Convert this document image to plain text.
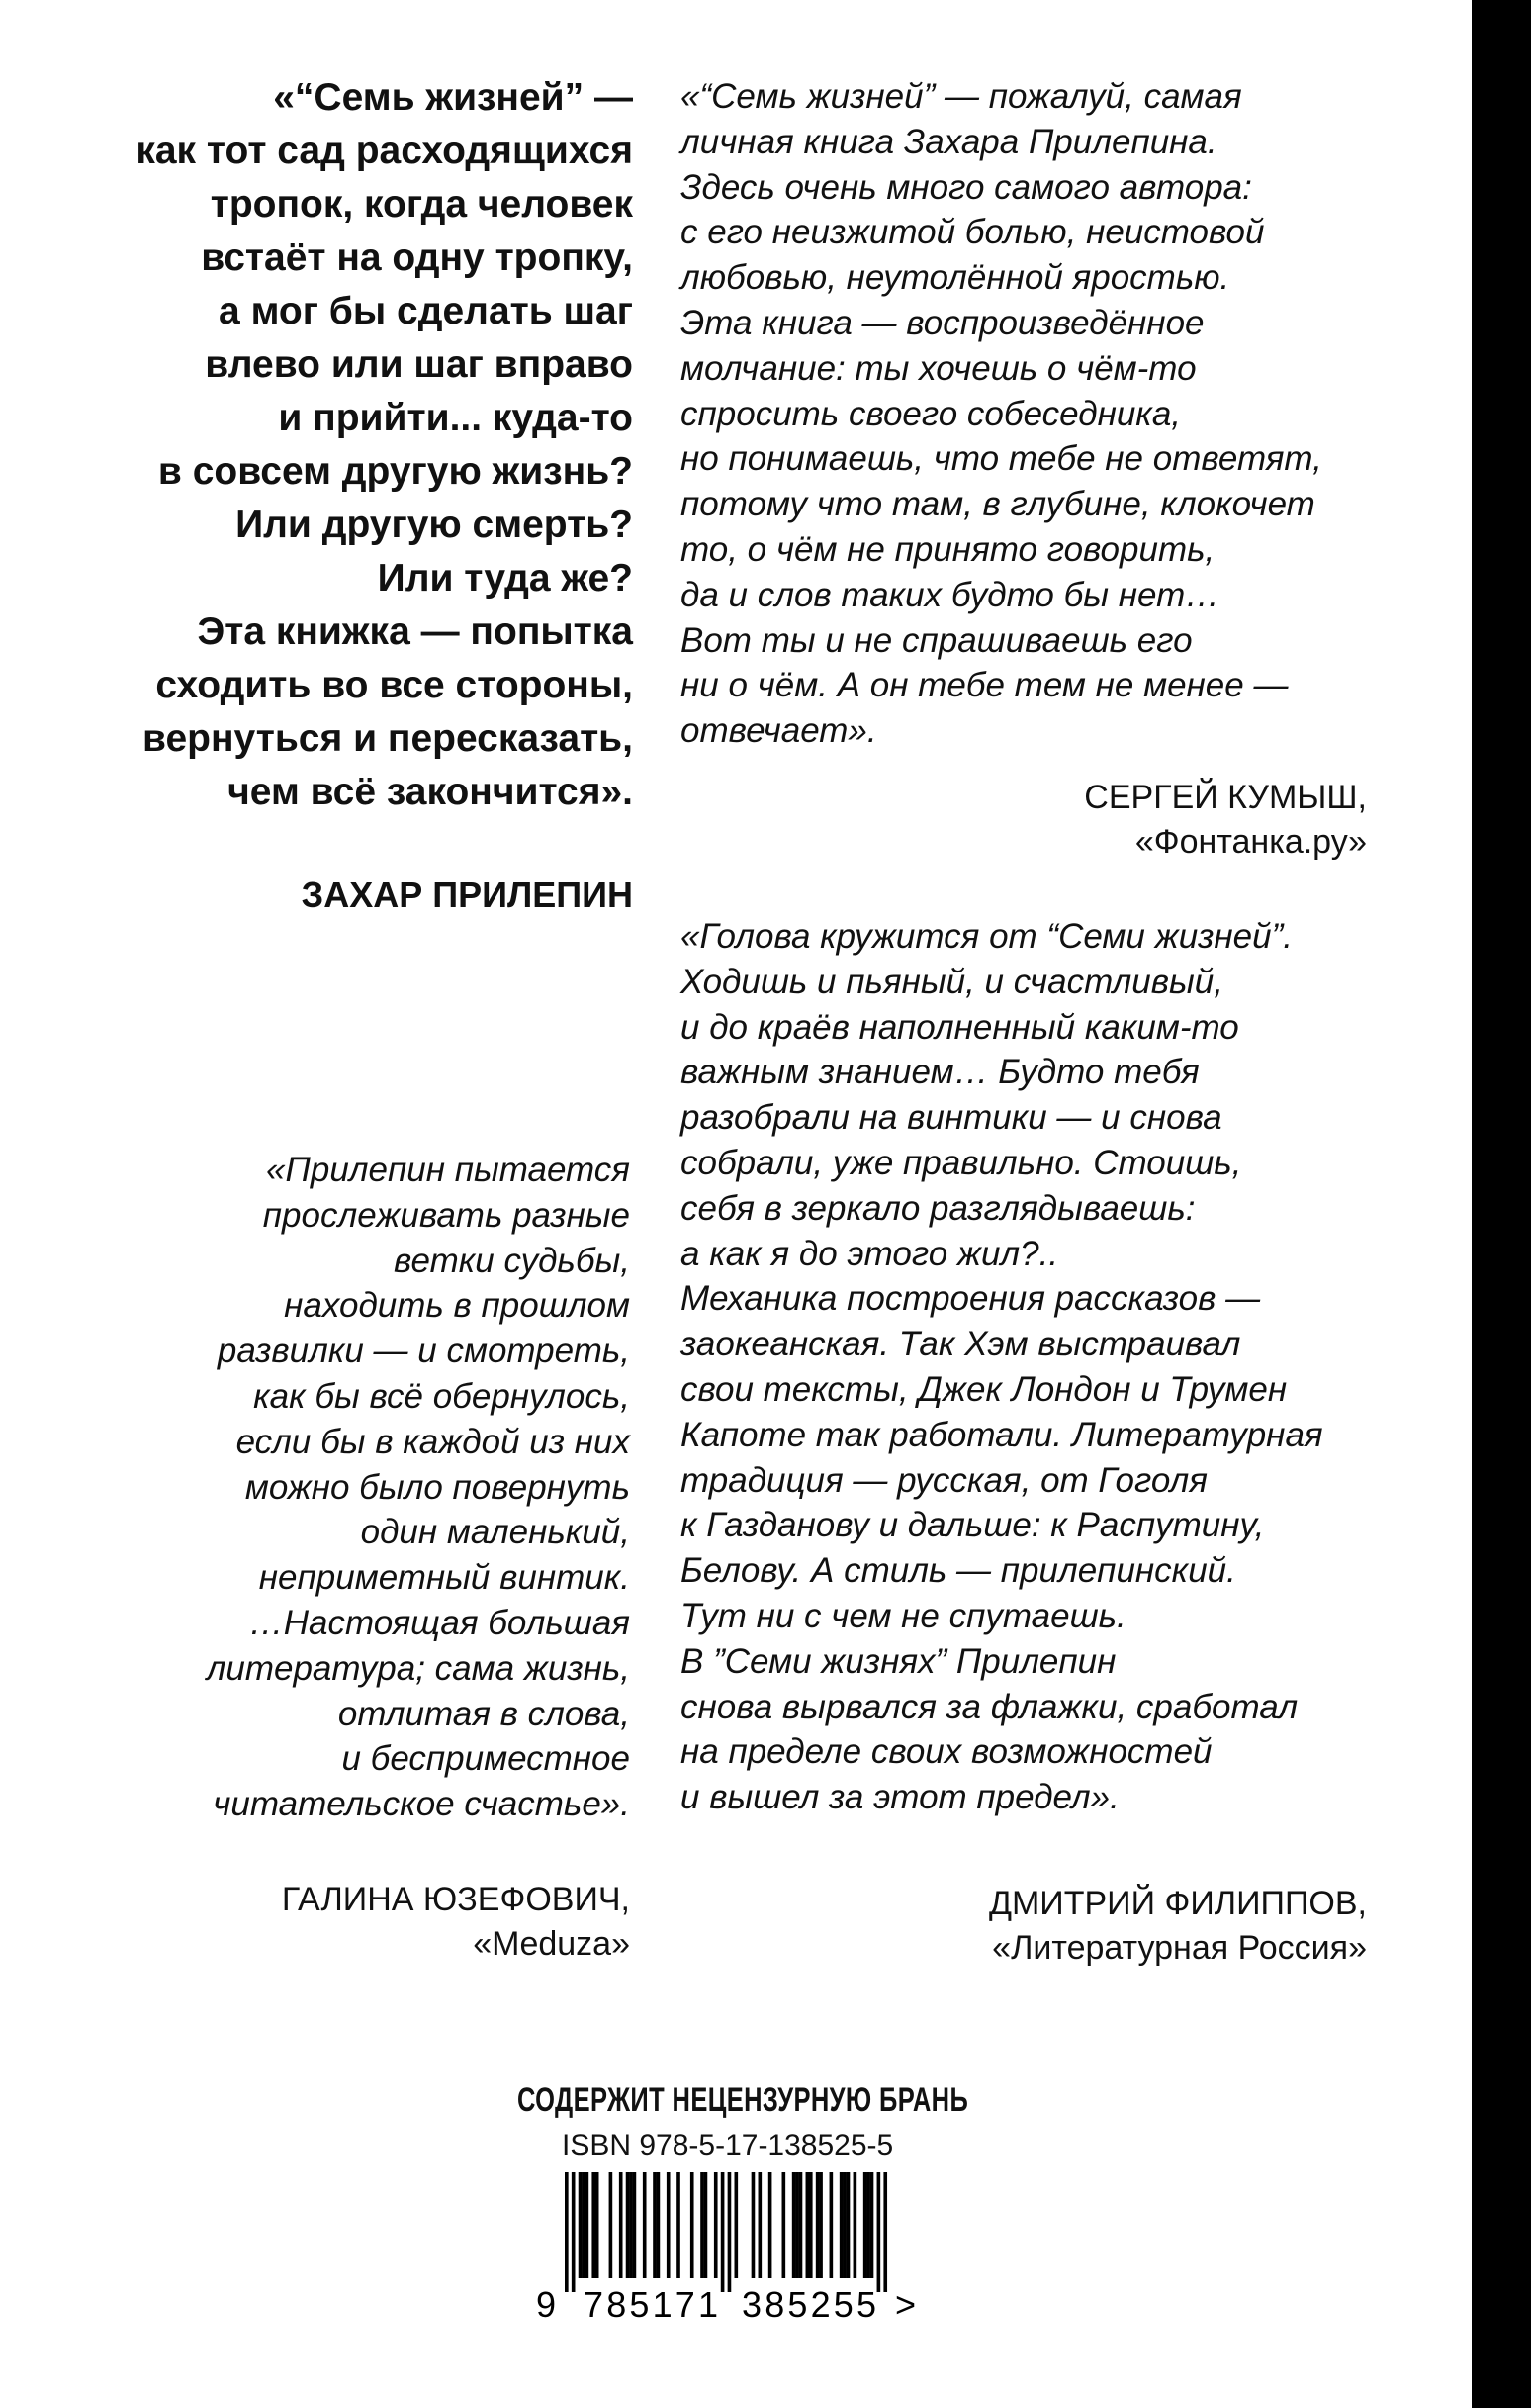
«“Семь жизней” —
как тот сад расходящихся
тропок, когда человек
встаёт на одну тропку,
а мог бы сделать шаг
влево или шаг вправо
и прийти... куда-то
в совсем другую жизнь?
Или другую смерть?
Или туда же?
Эта книжка — попытка
сходить во все стороны,
вернуться и пересказать,
чем всё закончится».
ЗАХАР ПРИЛЕПИН
«“Семь жизней” — пожалуй, самая
личная книга Захара Прилепина.
Здесь очень много самого автора:
с его неизжитой болью, неистовой
любовью, неутолённой яростью.
Эта книга — воспроизведённое
молчание: ты хочешь о чём-то
спросить своего собеседника,
но понимаешь, что тебе не ответят,
потому что там, в глубине, клокочет
то, о чём не принято говорить,
да и слов таких будто бы нет…
Вот ты и не спрашиваешь его
ни о чём. А он тебе тем не менее —
отвечает».
СЕРГЕЙ КУМЫШ,
«Фонтанка.ру»
«Голова кружится от “Семи жизней”.
Ходишь и пьяный, и счастливый,
и до краёв наполненный каким-то
важным знанием… Будто тебя
разобрали на винтики — и снова
собрали, уже правильно. Стоишь,
себя в зеркало разглядываешь:
а как я до этого жил?..
Механика построения рассказов —
заокеанская. Так Хэм выстраивал
свои тексты, Джек Лондон и Трумен
Капоте так работали. Литературная
традиция — русская, от Гоголя
к Газданову и дальше: к Распутину,
Белову. А стиль — прилепинский.
Тут ни с чем не спутаешь.
В ”Семи жизнях” Прилепин
снова вырвался за флажки, сработал
на пределе своих возможностей
и вышел за этот предел».
ДМИТРИЙ ФИЛИППОВ,
«Литературная Россия»
«Прилепин пытается
прослеживать разные
ветки судьбы,
находить в прошлом
развилки — и смотреть,
как бы всё обернулось,
если бы в каждой из них
можно было повернуть
один маленький,
неприметный винтик.
…Настоящая большая
литература; сама жизнь,
отлитая в слова,
и бесприместное
читательское счастье».
ГАЛИНА ЮЗЕФОВИЧ,
«Meduza»
СОДЕРЖИТ НЕЦЕНЗУРНУЮ БРАНЬ
ISBN 978-5-17-138525-5
9 785171 385255 >
